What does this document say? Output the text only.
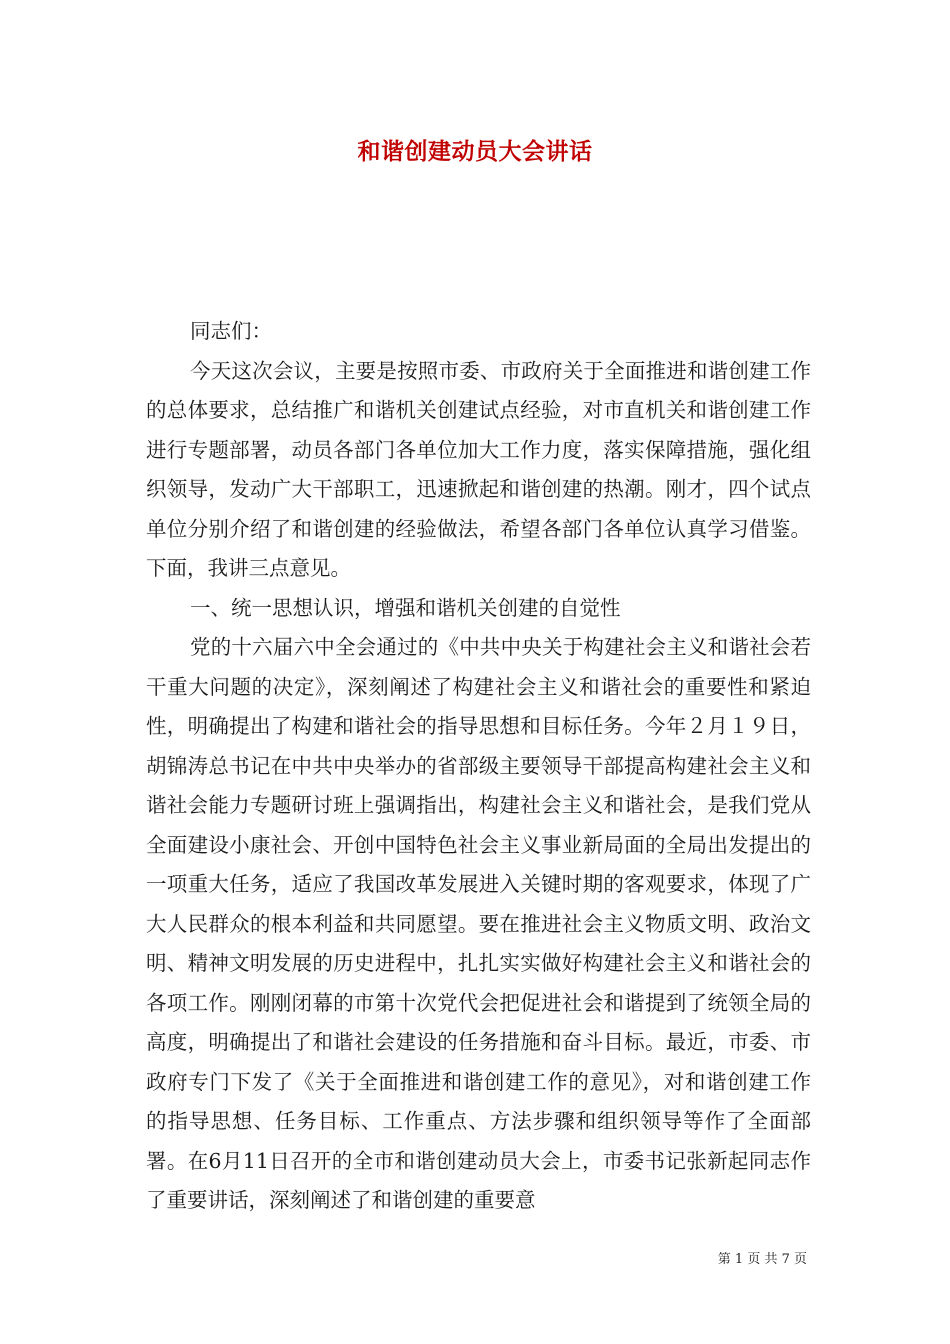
和谐创建动员大会讲话

同志们：

今天这次会议，主要是按照市委、市政府关于全面推进和谐创建工作的总体要求，总结推广和谐机关创建试点经验，对市直机关和谐创建工作进行专题部署，动员各部门各单位加大工作力度，落实保障措施，强化组织领导，发动广大干部职工，迅速掀起和谐创建的热潮。刚才，四个试点单位分别介绍了和谐创建的经验做法，希望各部门各单位认真学习借鉴。下面，我讲三点意见。

一、统一思想认识，增强和谐机关创建的自觉性

党的十六届六中全会通过的《中共中央关于构建社会主义和谐社会若干重大问题的决定》，深刻阐述了构建社会主义和谐社会的重要性和紧迫性，明确提出了构建和谐社会的指导思想和目标任务。今年２月１９日，胡锦涛总书记在中共中央举办的省部级主要领导干部提高构建社会主义和谐社会能力专题研讨班上强调指出，构建社会主义和谐社会，是我们党从全面建设小康社会、开创中国特色社会主义事业新局面的全局出发提出的一项重大任务，适应了我国改革发展进入关键时期的客观要求，体现了广大人民群众的根本利益和共同愿望。要在推进社会主义物质文明、政治文明、精神文明发展的历史进程中，扎扎实实做好构建社会主义和谐社会的各项工作。刚刚闭幕的市第十次党代会把促进社会和谐提到了统领全局的高度，明确提出了和谐社会建设的任务措施和奋斗目标。最近，市委、市政府专门下发了《关于全面推进和谐创建工作的意见》，对和谐创建工作的指导思想、任务目标、工作重点、方法步骤和组织领导等作了全面部署。在6月11日召开的全市和谐创建动员大会上，市委书记张新起同志作了重要讲话，深刻阐述了和谐创建的重要意

第 1 页 共 7 页
